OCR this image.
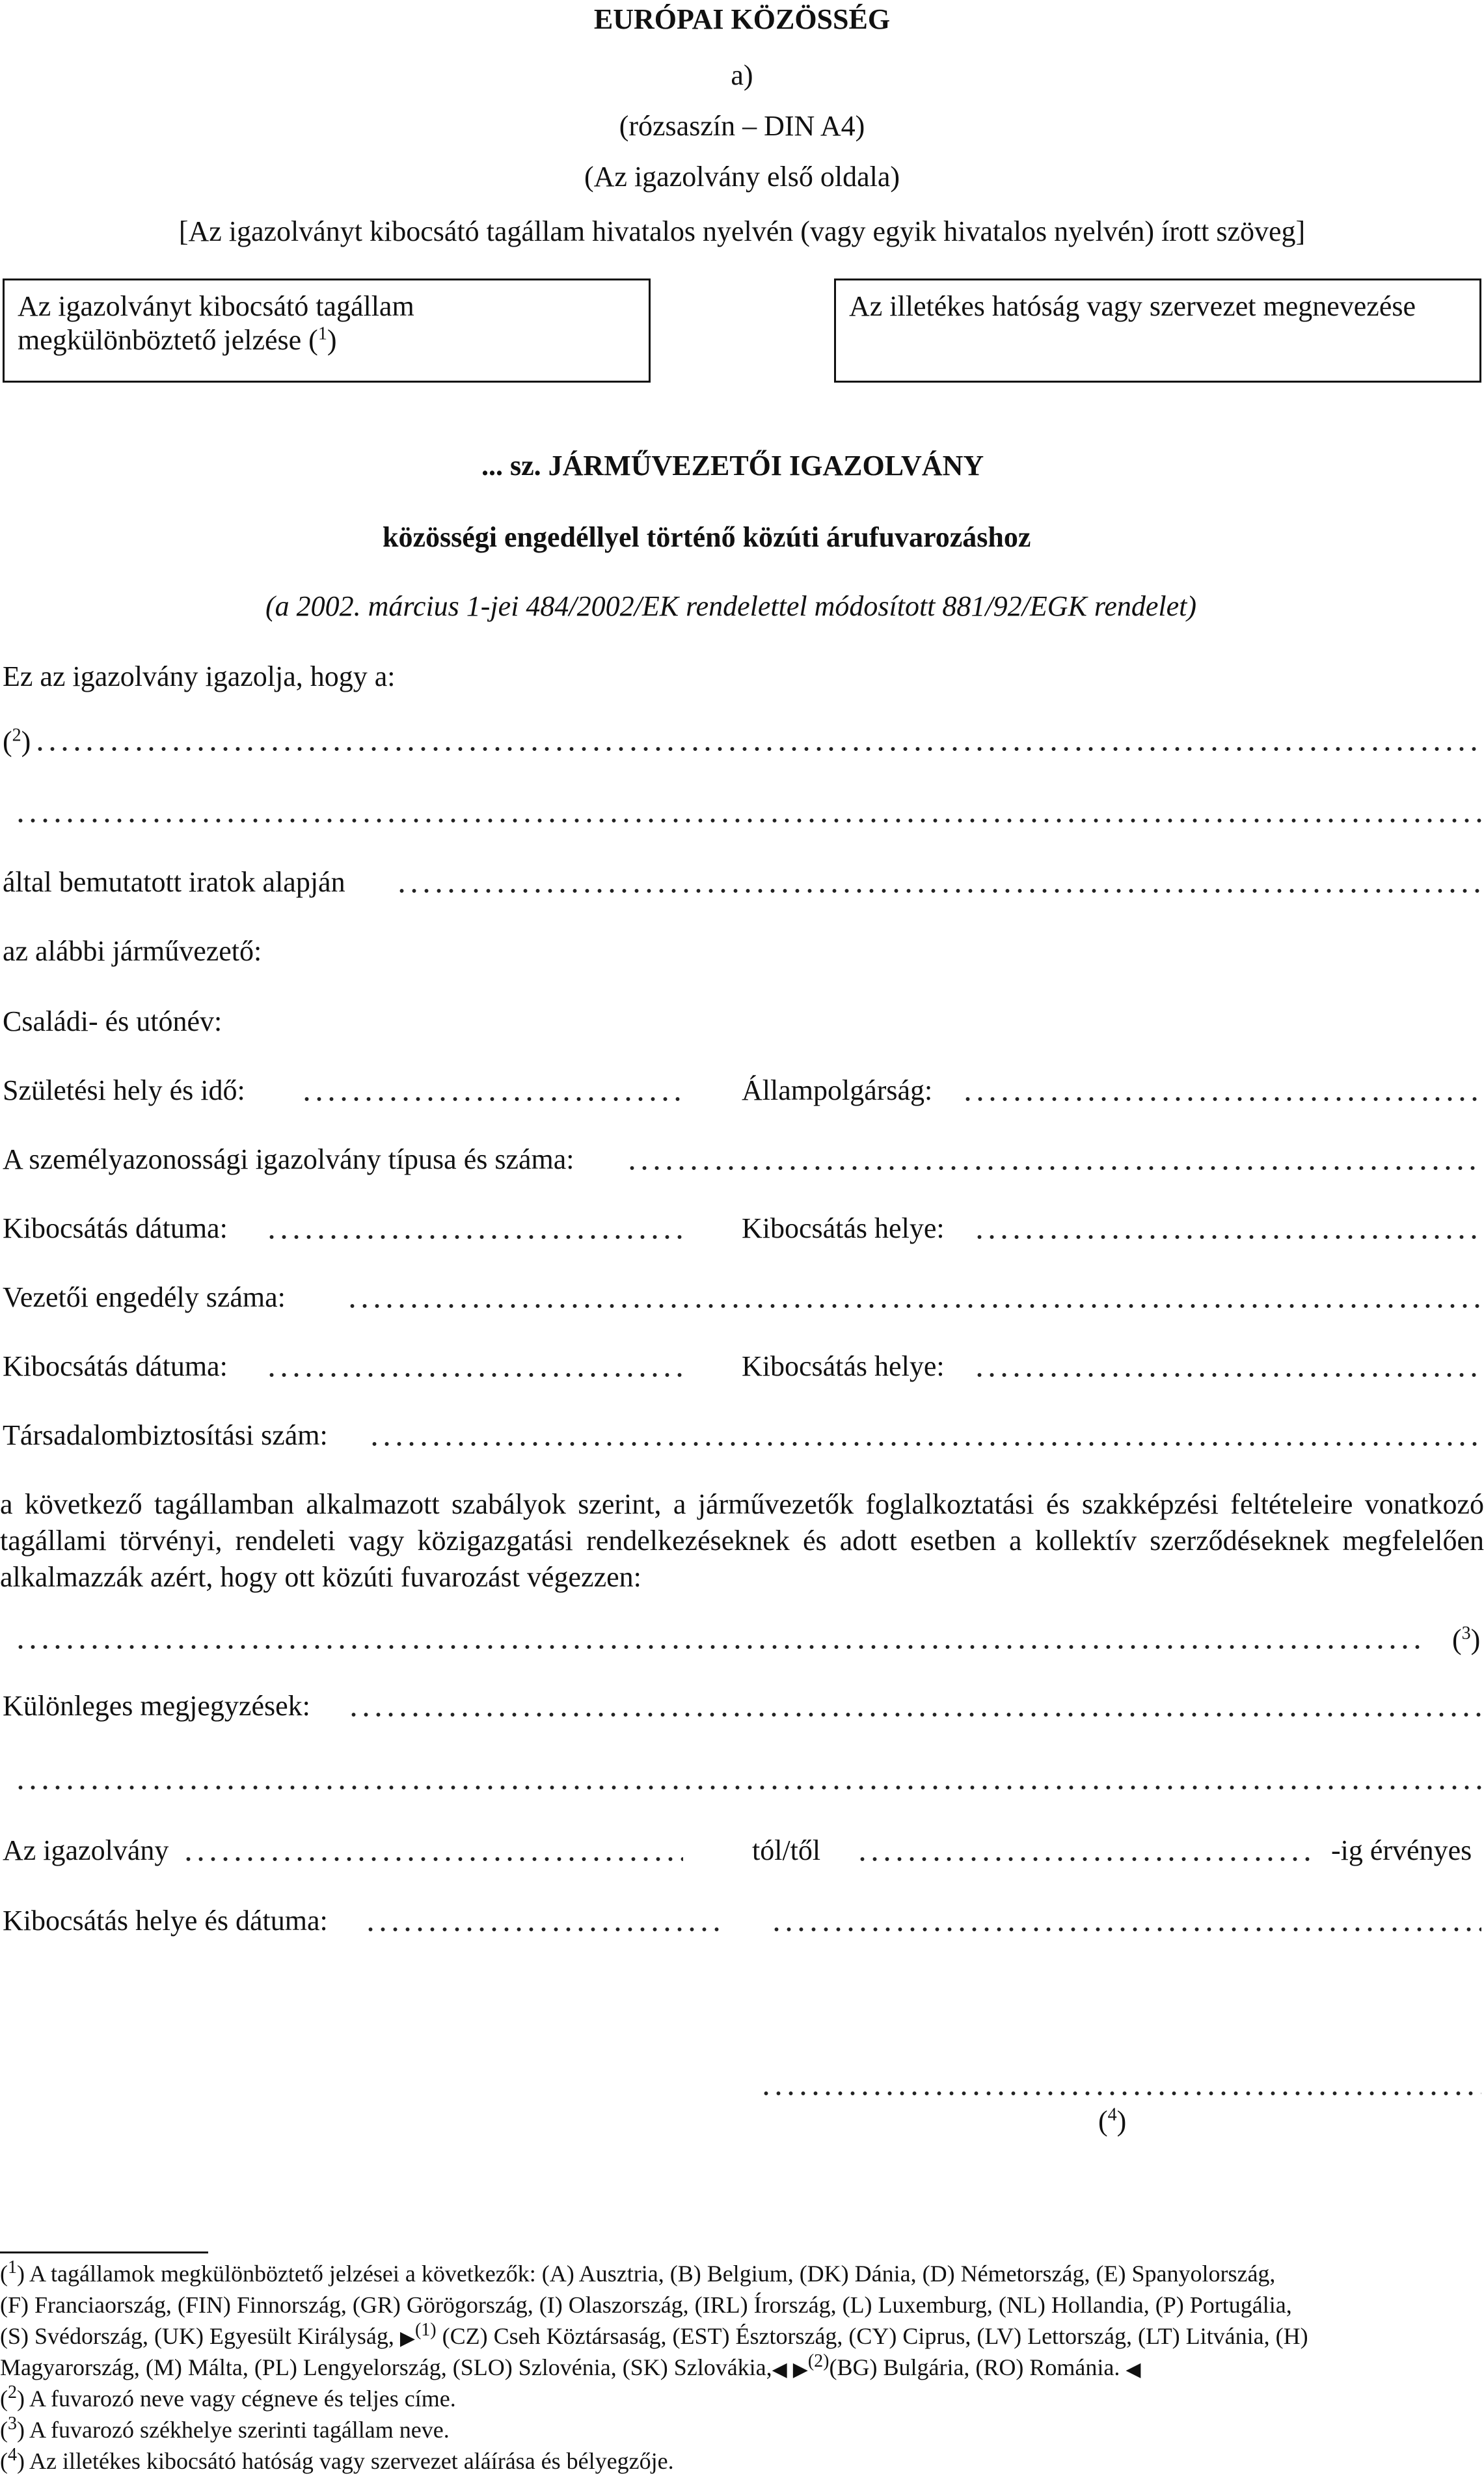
EURÓPAI KÖZÖSSÉG
a)
(rózsaszín – DIN A4)
(Az igazolvány első oldala)
[Az igazolványt kibocsátó tagállam hivatalos nyelvén (vagy egyik hivatalos nyelvén) írott szöveg]
Az igazolványt kibocsátó tagállam
megkülönböztető jelzése ($^1$)
Az illetékes hatóság vagy szervezet megnevezése
... sz. JÁRMŰVEZETŐI IGAZOLVÁNY
közösségi engedéllyel történő közúti árufuvarozáshoz
(a 2002. március 1-jei 484/2002/EK rendelettel módosított 881/92/EGK rendelet)
Ez az igazolvány igazolja, hogy a:
($^2$)
által bemutatott iratok alapján
az alábbi járművezető:
Családi- és utónév:
Születési hely és idő:	Állampolgárság:
A személyazonossági igazolvány típusa és száma:
Kibocsátás dátuma:	Kibocsátás helye:
Vezetői engedély száma:
Kibocsátás dátuma:	Kibocsátás helye:
Társadalombiztosítási szám:
a következő tagállamban alkalmazott szabályok szerint, a járművezetők foglalkoztatási és szakképzési feltételeire vonatkozó tagállami törvényi, rendeleti vagy közigazgatási rendelkezéseknek és adott esetben a kollektív szerződéseknek megfelelően alkalmazzák azért, hogy ott közúti fuvarozást végezzen:
($^3$)
Különleges megjegyzések:
Az igazolvány	tól/től	-ig érvényes
Kibocsátás helye és dátuma:
($^4$)
($^1$) A tagállamok megkülönböztető jelzései a következők: (A) Ausztria, (B) Belgium, (DK) Dánia, (D) Németország, (E) Spanyolország,
(F) Franciaország, (FIN) Finnország, (GR) Görögország, (I) Olaszország, (IRL) Írország, (L) Luxemburg, (NL) Hollandia, (P) Portugália,
(S) Svédország, (UK) Egyesült Királyság, ▶$^{(1)}$ (CZ) Cseh Köztársaság, (EST) Észtország, (CY) Ciprus, (LV) Lettország, (LT) Litvánia, (H)
Magyarország, (M) Málta, (PL) Lengyelország, (SLO) Szlovénia, (SK) Szlovákia,◀ ▶$^{(2)}$(BG) Bulgária, (RO) Románia. ◀
($^2$) A fuvarozó neve vagy cégneve és teljes címe.
($^3$) A fuvarozó székhelye szerinti tagállam neve.
($^4$) Az illetékes kibocsátó hatóság vagy szervezet aláírása és bélyegzője.
